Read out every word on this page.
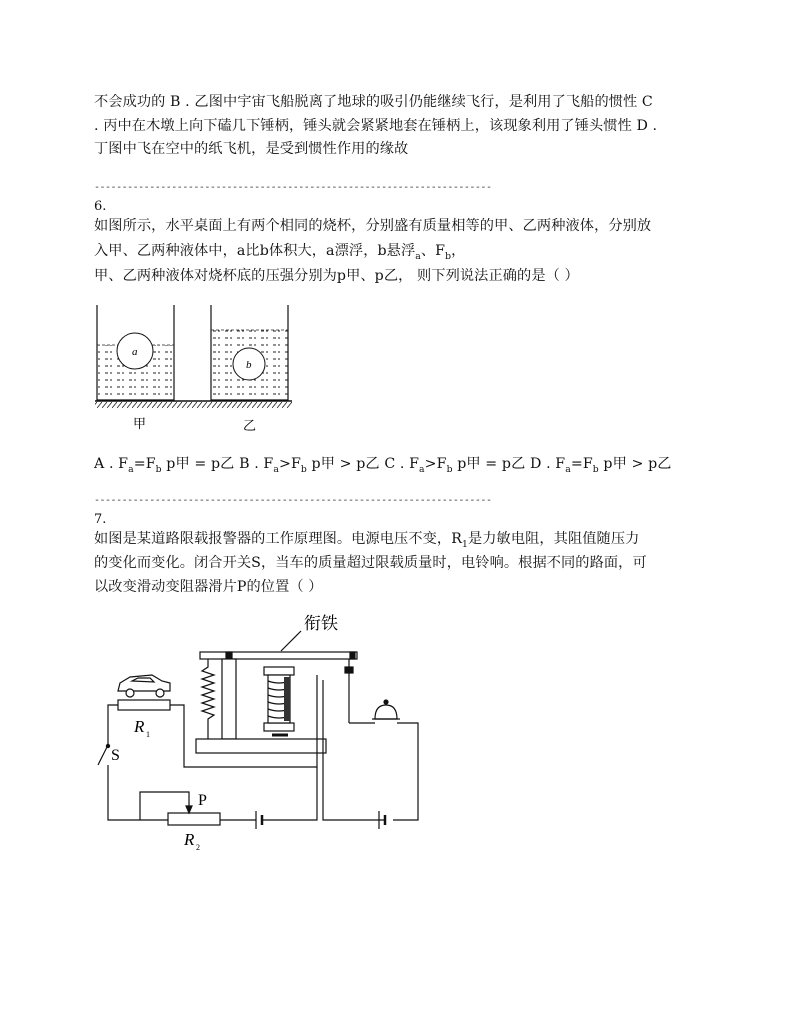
不会成功的 B . 乙图中宇宙飞船脱离了地球的吸引仍能继续飞行，是利用了飞船的惯性 C
. 丙中在木墩上向下磕几下锤柄，锤头就会紧紧地套在锤柄上，该现象利用了锤头惯性 D .
丁图中飞在空中的纸飞机，是受到惯性作用的缘故
------------------------------------------------------------------------
6.
如图所示，水平桌面上有两个相同的烧杯，分别盛有质量相等的甲、乙两种液体，分别放
入甲、乙两种液体中，a比b体积大，a漂浮，b悬浮$_a$、$F_b$，
甲、乙两种液体对烧杯底的压强分别为p甲、p乙， 则下列说法正确的是（ ）
a
b
甲	乙
A . $F_a=F_b$ p甲 = p乙 B . $F_a>F_b$ p甲 > p乙 C . $F_a>F_b$ p甲 = p乙 D . $F_a=F_b$ p甲 > p乙
------------------------------------------------------------------------
7.
如图是某道路限载报警器的工作原理图。电源电压不变，$R_1$是力敏电阻，其阻值随压力
的变化而变化。闭合开关S，当车的质量超过限载质量时，电铃响。根据不同的路面，可
以改变滑动变阻器滑片P的位置（ ）
衔铁
R 1
S
P
R 2
